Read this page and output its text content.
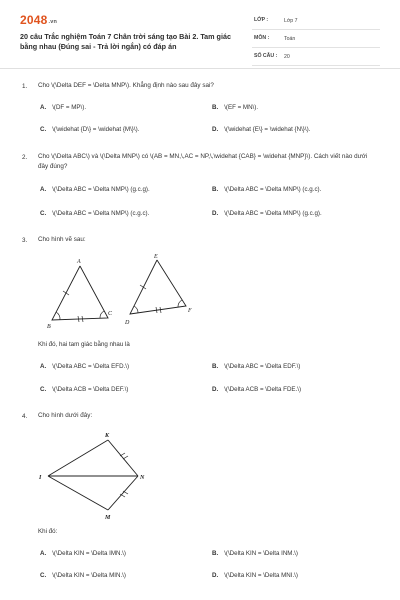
2048.vn
20 câu Trắc nghiệm Toán 7 Chân trời sáng tạo Bài 2. Tam giác bằng nhau (Đúng sai - Trả lời ngắn) có đáp án
LỚP :	Lớp 7
MÔN :	Toán
SỐ CÂU : 20
1. Cho \(\Delta DEF = \Delta MNP\). Khẳng định nào sau đây sai?
A. \(DF = MP\).	B. \(EF = MN\).
C. \(\widehat {D\} = \widehat {M\}\).	D. \(\widehat {E\} = \widehat {N\}\).
2. Cho \(\Delta ABC\) và \(\Delta MNP\) có \(AB = MN,\,AC = NP,\,\widehat {CAB} = \widehat {MNP}\). Cách viết nào dưới đây đúng?
A. \(\Delta ABC = \Delta NMP\) (g.c.g).	B. \(\Delta ABC = \Delta MNP\) (c.g.c).
C. \(\Delta ABC = \Delta NMP\) (c.g.c).	D. \(\Delta ABC = \Delta MNP\) (g.c.g).
3. Cho hình vẽ sau:
A
B
C
E
D
F
Khi đó, hai tam giác bằng nhau là
A. \(\Delta ABC = \Delta EFD.\)	B. \(\Delta ABC = \Delta EDF.\)
C. \(\Delta ACB = \Delta DEF.\)	D. \(\Delta ACB = \Delta FDE.\)
4. Cho hình dưới đây:
K
I	N
M
Khi đó:
A. \(\Delta KIN = \Delta IMN.\)	B. \(\Delta KIN = \Delta INM.\)
C. \(\Delta KIN = \Delta MIN.\)	D. \(\Delta KIN = \Delta MNI.\)
